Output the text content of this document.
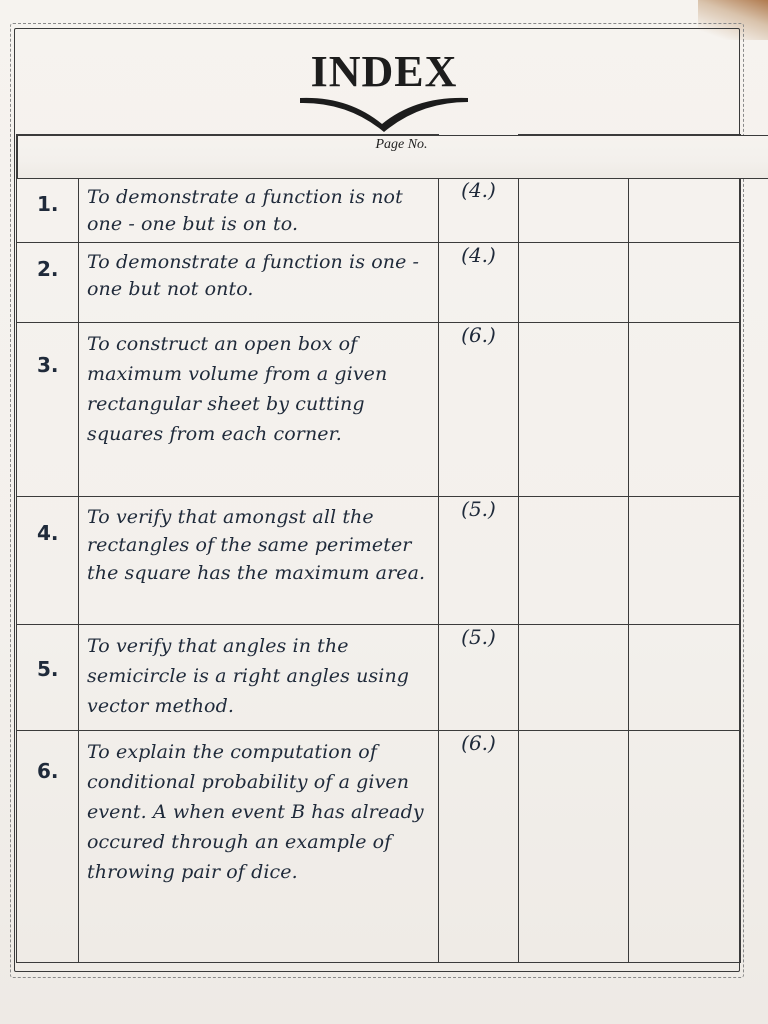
INDEX

Page No.

1.	To demonstrate a function is not one - one but is on to.	(4.)		

2.	To demonstrate a function is one - one but not onto.	(4.)		

3.	To construct an open box of maximum volume from a given rectangular sheet by cutting squares from each corner.	(6.)		

4.	To verify that amongst all the rectangles of the same perimeter the square has the maximum area.	(5.)		

5.	To verify that angles in the semicircle is a right angles using vector method.	(5.)		

6.	To explain the computation of conditional probability of a given event. A when event B has already occured through an example of throwing pair of dice.	(6.)		
